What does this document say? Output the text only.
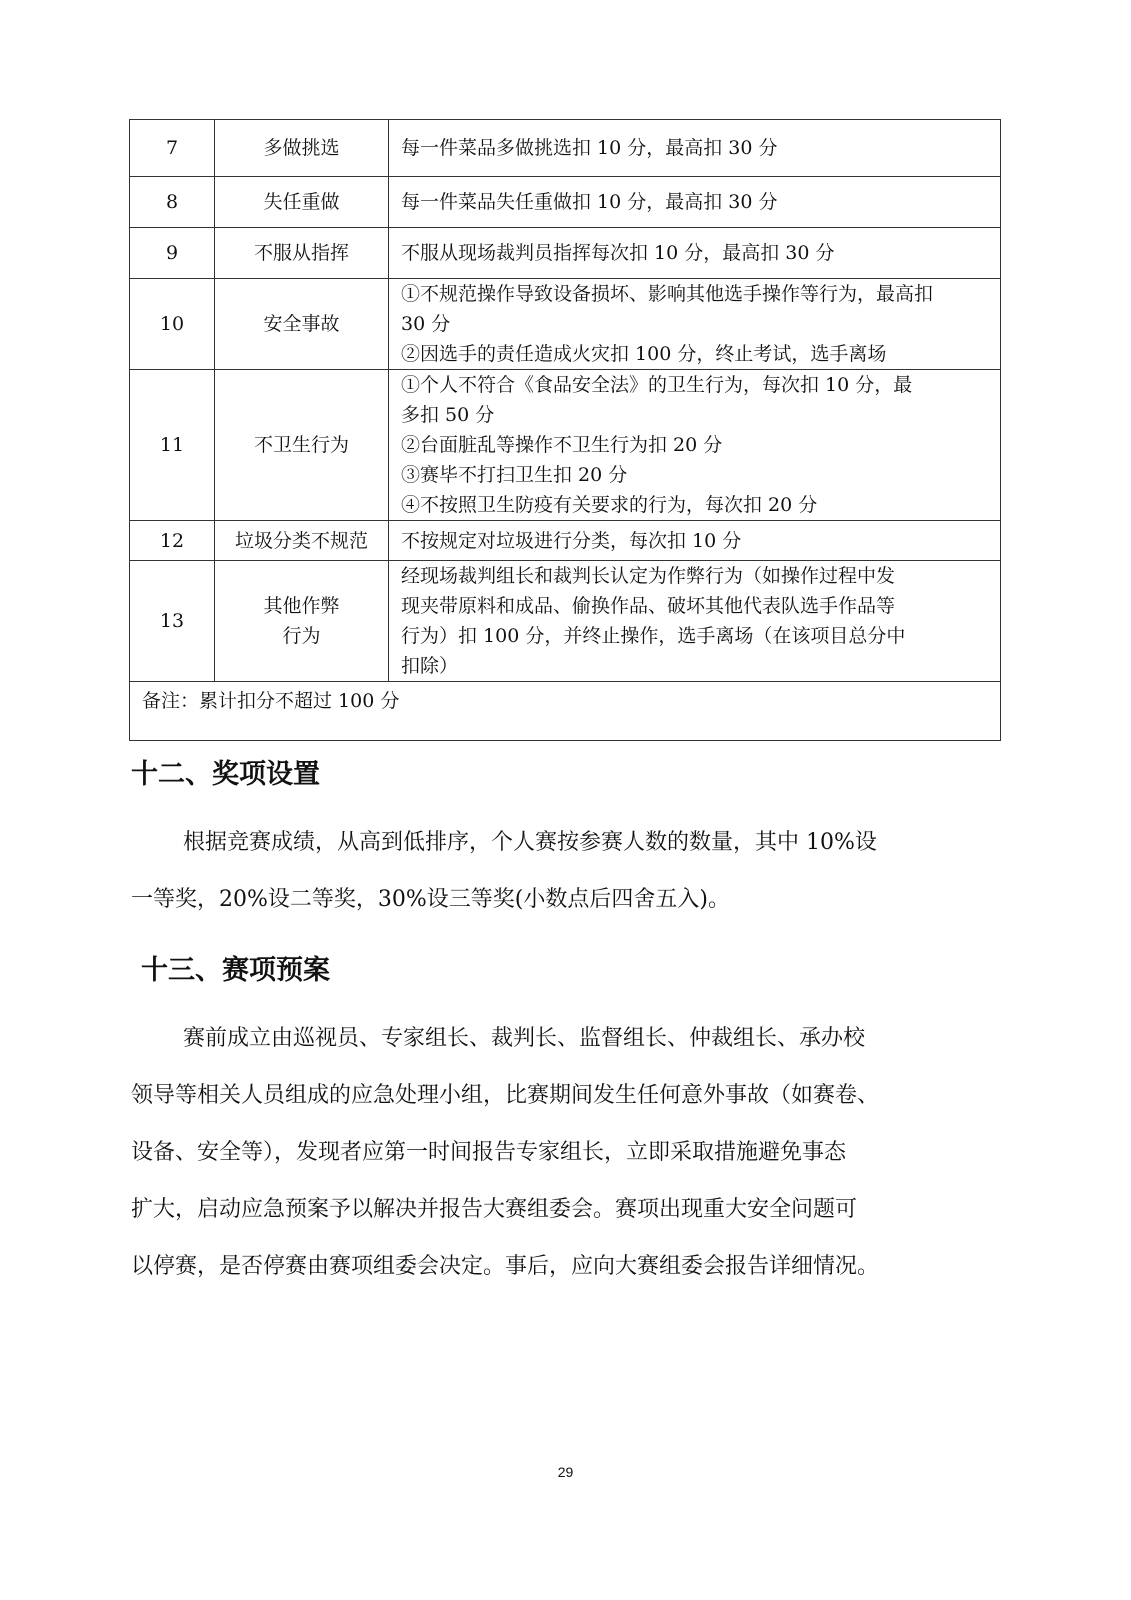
7	多做挑选	每一件菜品多做挑选扣 10 分，最高扣 30 分

8	失任重做	每一件菜品失任重做扣 10 分，最高扣 30 分

9	不服从指挥	不服从现场裁判员指挥每次扣 10 分，最高扣 30 分

10	安全事故	①不规范操作导致设备损坏、影响其他选手操作等行为，最高扣
30 分
②因选手的责任造成火灾扣 100 分，终止考试，选手离场

11	不卫生行为	①个人不符合《食品安全法》的卫生行为，每次扣 10 分，最
多扣 50 分
②台面脏乱等操作不卫生行为扣 20 分
③赛毕不打扫卫生扣 20 分
④不按照卫生防疫有关要求的行为，每次扣 20 分

12	垃圾分类不规范	不按规定对垃圾进行分类，每次扣 10 分

13	其他作弊
行为	经现场裁判组长和裁判长认定为作弊行为（如操作过程中发
现夹带原料和成品、偷换作品、破坏其他代表队选手作品等
行为）扣 100 分，并终止操作，选手离场（在该项目总分中
扣除）

备注：累计扣分不超过 100 分		
十二、奖项设置
根据竞赛成绩，从高到低排序，个人赛按参赛人数的数量，其中 10%设
一等奖，20%设二等奖，30%设三等奖(小数点后四舍五入)。
十三、赛项预案
赛前成立由巡视员、专家组长、裁判长、监督组长、仲裁组长、承办校
领导等相关人员组成的应急处理小组，比赛期间发生任何意外事故（如赛卷、
设备、安全等），发现者应第一时间报告专家组长，立即采取措施避免事态
扩大，启动应急预案予以解决并报告大赛组委会。赛项出现重大安全问题可
以停赛，是否停赛由赛项组委会决定。事后，应向大赛组委会报告详细情况。
29
